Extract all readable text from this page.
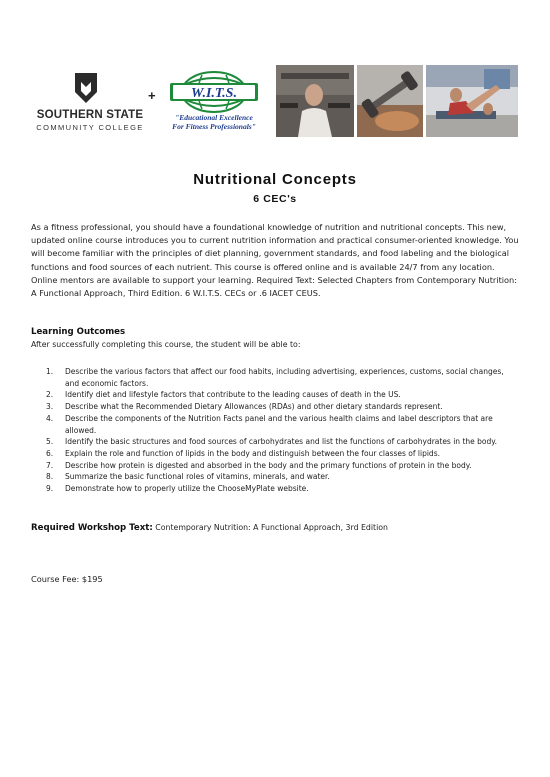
SOUTHERN STATE
COMMUNITY COLLEGE
+	W.I.T.S.
"Educational Excellence
For Fitness Professionals"
Nutritional Concepts
6 CEC's

As a fitness professional, you should have a foundational knowledge of nutrition and nutritional concepts. This new, updated online course introduces you to current nutrition information and practical consumer-oriented knowledge. You will become familiar with the principles of diet planning, government standards, and food labeling and the biological functions and food sources of each nutrient. This course is offered online and is available 24/7 from any location. Online mentors are available to support your learning. Required Text: Selected Chapters from Contemporary Nutrition: A Functional Approach, Third Edition. 6 W.I.T.S. CECs or .6 IACET CEUS.

Learning Outcomes
After successfully completing this course, the student will be able to:
1. Describe the various factors that affect our food habits, including advertising, experiences, customs, social changes, and economic factors.
2. Identify diet and lifestyle factors that contribute to the leading causes of death in the US.
3. Describe what the Recommended Dietary Allowances (RDAs) and other dietary standards represent.
4. Describe the components of the Nutrition Facts panel and the various health claims and label descriptors that are allowed.
5. Identify the basic structures and food sources of carbohydrates and list the functions of carbohydrates in the body.
6. Explain the role and function of lipids in the body and distinguish between the four classes of lipids.
7. Describe how protein is digested and absorbed in the body and the primary functions of protein in the body.
8. Summarize the basic functional roles of vitamins, minerals, and water.
9. Demonstrate how to properly utilize the ChooseMyPlate website.
Required Workshop Text: Contemporary Nutrition: A Functional Approach, 3rd Edition
Course Fee: $195
